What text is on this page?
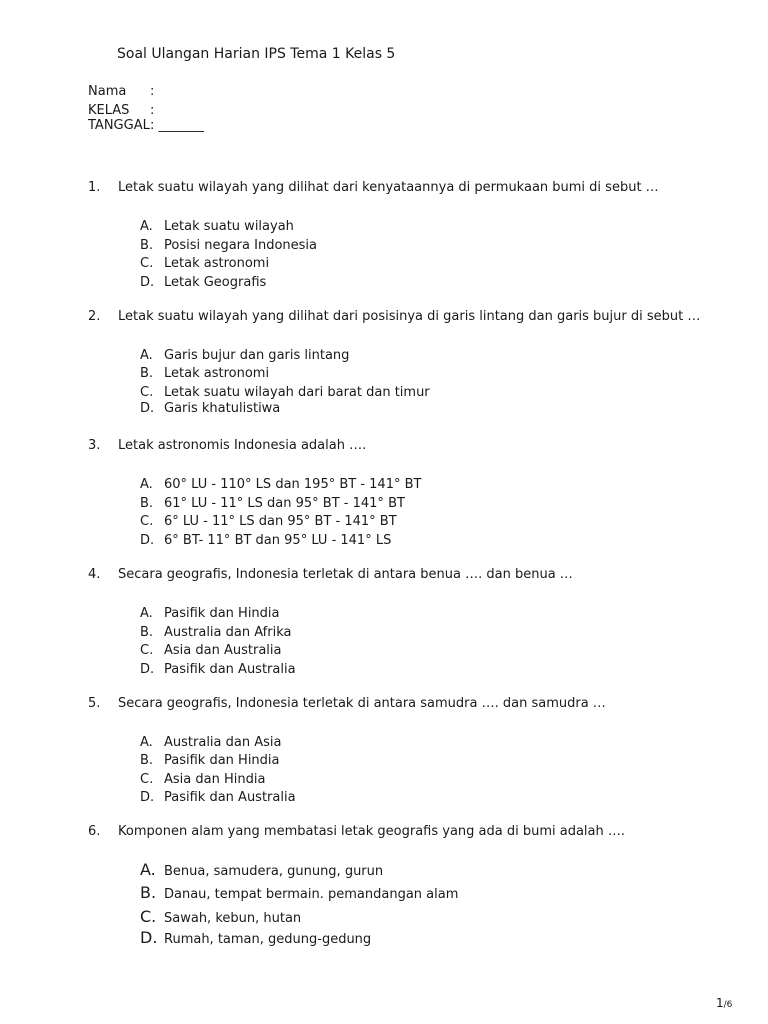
Soal Ulangan Harian IPS Tema 1 Kelas 5
Nama :
KELAS :
TANGGAL: _______
1. Letak suatu wilayah yang dilihat dari kenyataannya di permukaan bumi di sebut …
A. Letak suatu wilayah
B. Posisi negara Indonesia
C. Letak astronomi
D. Letak Geografis
2. Letak suatu wilayah yang dilihat dari posisinya di garis lintang dan garis bujur di sebut …
A. Garis bujur dan garis lintang
B. Letak astronomi
C. Letak suatu wilayah dari barat dan timur
D. Garis khatulistiwa
3. Letak astronomis Indonesia adalah ….
A. 60° LU - 110° LS dan 195° BT - 141° BT
B. 61° LU - 11° LS dan 95° BT - 141° BT
C. 6° LU - 11° LS dan 95° BT - 141° BT
D. 6° BT- 11° BT dan 95° LU - 141° LS
4. Secara geografis, Indonesia terletak di antara benua …. dan benua …
A. Pasifik dan Hindia
B. Australia dan Afrika
C. Asia dan Australia
D. Pasifik dan Australia
5. Secara geografis, Indonesia terletak di antara samudra …. dan samudra …
A. Australia dan Asia
B. Pasifik dan Hindia
C. Asia dan Hindia
D. Pasifik dan Australia
6. Komponen alam yang membatasi letak geografis yang ada di bumi adalah ….
A. Benua, samudera, gunung, gurun
B. Danau, tempat bermain. pemandangan alam
C. Sawah, kebun, hutan
D. Rumah, taman, gedung-gedung
1/6
